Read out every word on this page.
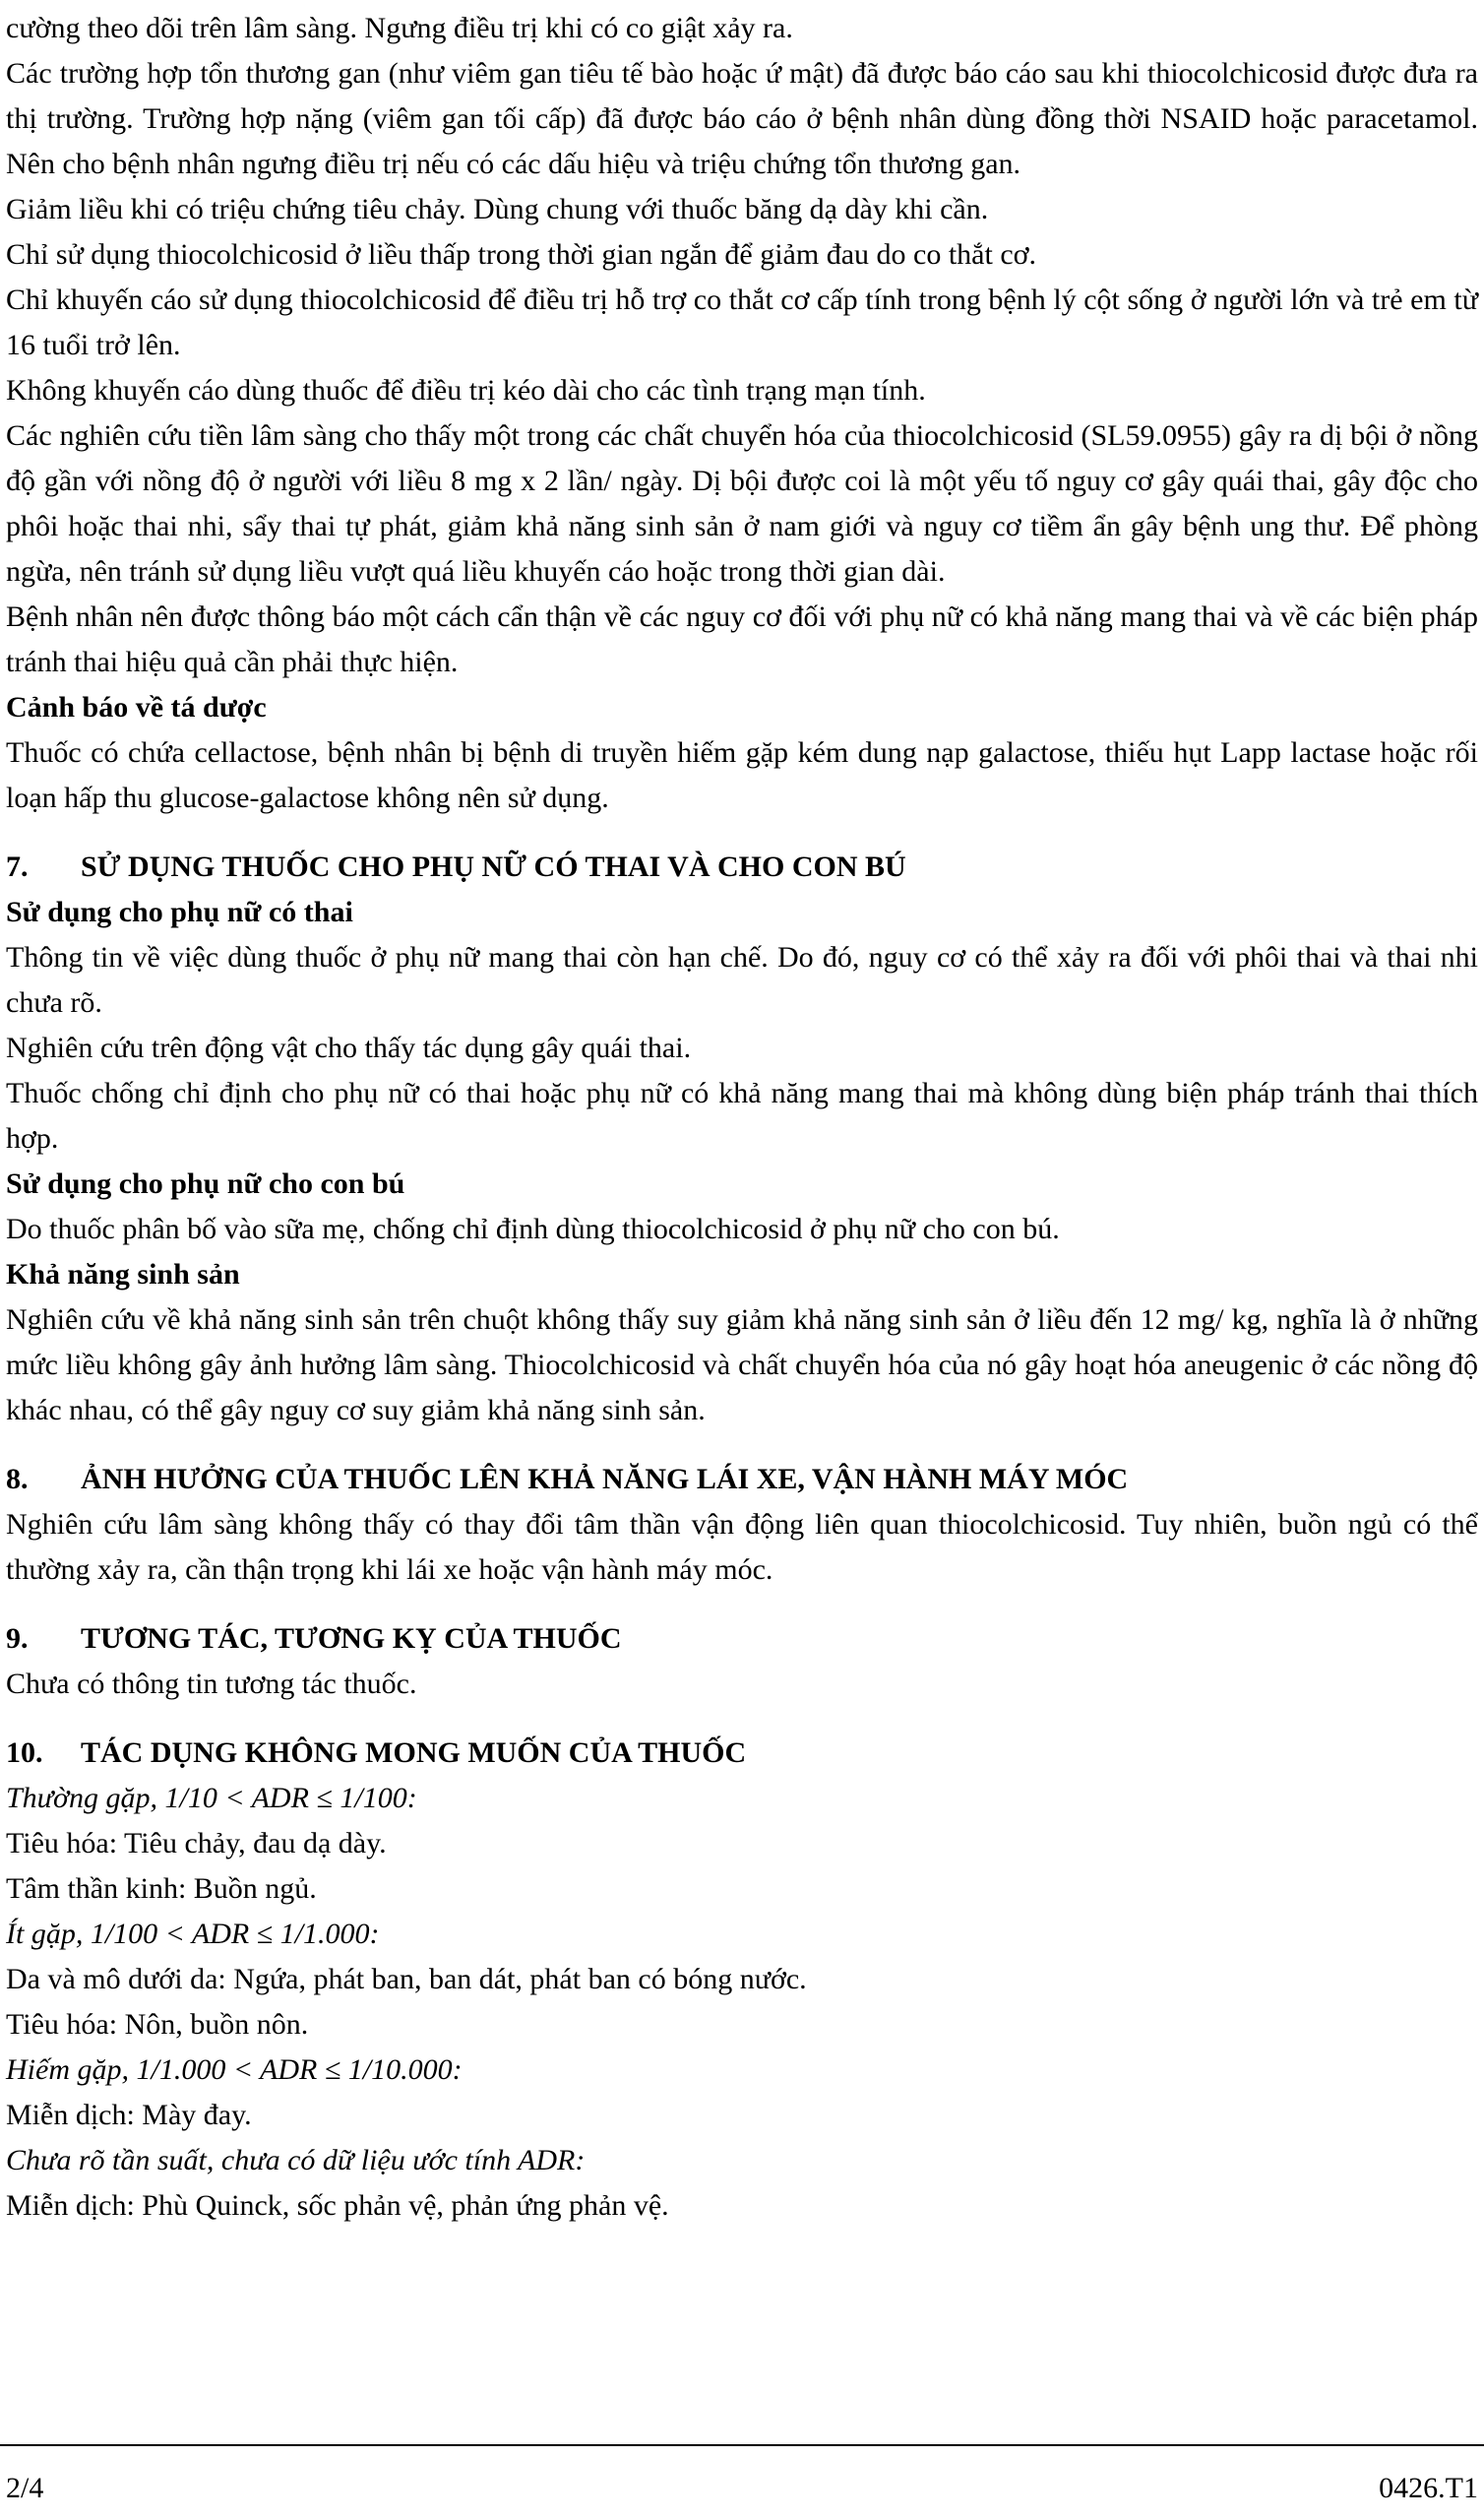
cường theo dõi trên lâm sàng. Ngưng điều trị khi có co giật xảy ra.

Các trường hợp tổn thương gan (như viêm gan tiêu tế bào hoặc ứ mật) đã được báo cáo sau khi thiocolchicosid được đưa ra thị trường. Trường hợp nặng (viêm gan tối cấp) đã được báo cáo ở bệnh nhân dùng đồng thời NSAID hoặc paracetamol. Nên cho bệnh nhân ngưng điều trị nếu có các dấu hiệu và triệu chứng tổn thương gan.

Giảm liều khi có triệu chứng tiêu chảy. Dùng chung với thuốc băng dạ dày khi cần.

Chỉ sử dụng thiocolchicosid ở liều thấp trong thời gian ngắn để giảm đau do co thắt cơ.

Chỉ khuyến cáo sử dụng thiocolchicosid để điều trị hỗ trợ co thắt cơ cấp tính trong bệnh lý cột sống ở người lớn và trẻ em từ 16 tuổi trở lên.

Không khuyến cáo dùng thuốc để điều trị kéo dài cho các tình trạng mạn tính.

Các nghiên cứu tiền lâm sàng cho thấy một trong các chất chuyển hóa của thiocolchicosid (SL59.0955) gây ra dị bội ở nồng độ gần với nồng độ ở người với liều 8 mg x 2 lần/ ngày. Dị bội được coi là một yếu tố nguy cơ gây quái thai, gây độc cho phôi hoặc thai nhi, sẩy thai tự phát, giảm khả năng sinh sản ở nam giới và nguy cơ tiềm ẩn gây bệnh ung thư. Để phòng ngừa, nên tránh sử dụng liều vượt quá liều khuyến cáo hoặc trong thời gian dài.

Bệnh nhân nên được thông báo một cách cẩn thận về các nguy cơ đối với phụ nữ có khả năng mang thai và về các biện pháp tránh thai hiệu quả cần phải thực hiện.

Cảnh báo về tá dược

Thuốc có chứa cellactose, bệnh nhân bị bệnh di truyền hiếm gặp kém dung nạp galactose, thiếu hụt Lapp lactase hoặc rối loạn hấp thu glucose-galactose không nên sử dụng.

7. SỬ DỤNG THUỐC CHO PHỤ NỮ CÓ THAI VÀ CHO CON BÚ

Sử dụng cho phụ nữ có thai

Thông tin về việc dùng thuốc ở phụ nữ mang thai còn hạn chế. Do đó, nguy cơ có thể xảy ra đối với phôi thai và thai nhi chưa rõ.

Nghiên cứu trên động vật cho thấy tác dụng gây quái thai.

Thuốc chống chỉ định cho phụ nữ có thai hoặc phụ nữ có khả năng mang thai mà không dùng biện pháp tránh thai thích hợp.

Sử dụng cho phụ nữ cho con bú

Do thuốc phân bố vào sữa mẹ, chống chỉ định dùng thiocolchicosid ở phụ nữ cho con bú.

Khả năng sinh sản

Nghiên cứu về khả năng sinh sản trên chuột không thấy suy giảm khả năng sinh sản ở liều đến 12 mg/ kg, nghĩa là ở những mức liều không gây ảnh hưởng lâm sàng. Thiocolchicosid và chất chuyển hóa của nó gây hoạt hóa aneugenic ở các nồng độ khác nhau, có thể gây nguy cơ suy giảm khả năng sinh sản.

8. ẢNH HƯỞNG CỦA THUỐC LÊN KHẢ NĂNG LÁI XE, VẬN HÀNH MÁY MÓC

Nghiên cứu lâm sàng không thấy có thay đổi tâm thần vận động liên quan thiocolchicosid. Tuy nhiên, buồn ngủ có thể thường xảy ra, cần thận trọng khi lái xe hoặc vận hành máy móc.

9. TƯƠNG TÁC, TƯƠNG KỴ CỦA THUỐC

Chưa có thông tin tương tác thuốc.

10. TÁC DỤNG KHÔNG MONG MUỐN CỦA THUỐC

Thường gặp, 1/10 < ADR ≤ 1/100:

Tiêu hóa: Tiêu chảy, đau dạ dày.

Tâm thần kinh: Buồn ngủ.

Ít gặp, 1/100 < ADR ≤ 1/1.000:

Da và mô dưới da: Ngứa, phát ban, ban dát, phát ban có bóng nước.

Tiêu hóa: Nôn, buồn nôn.

Hiếm gặp, 1/1.000 < ADR ≤ 1/10.000:

Miễn dịch: Mày đay.

Chưa rõ tần suất, chưa có dữ liệu ước tính ADR:

Miễn dịch: Phù Quinck, sốc phản vệ, phản ứng phản vệ.

2/4	0426.T1
